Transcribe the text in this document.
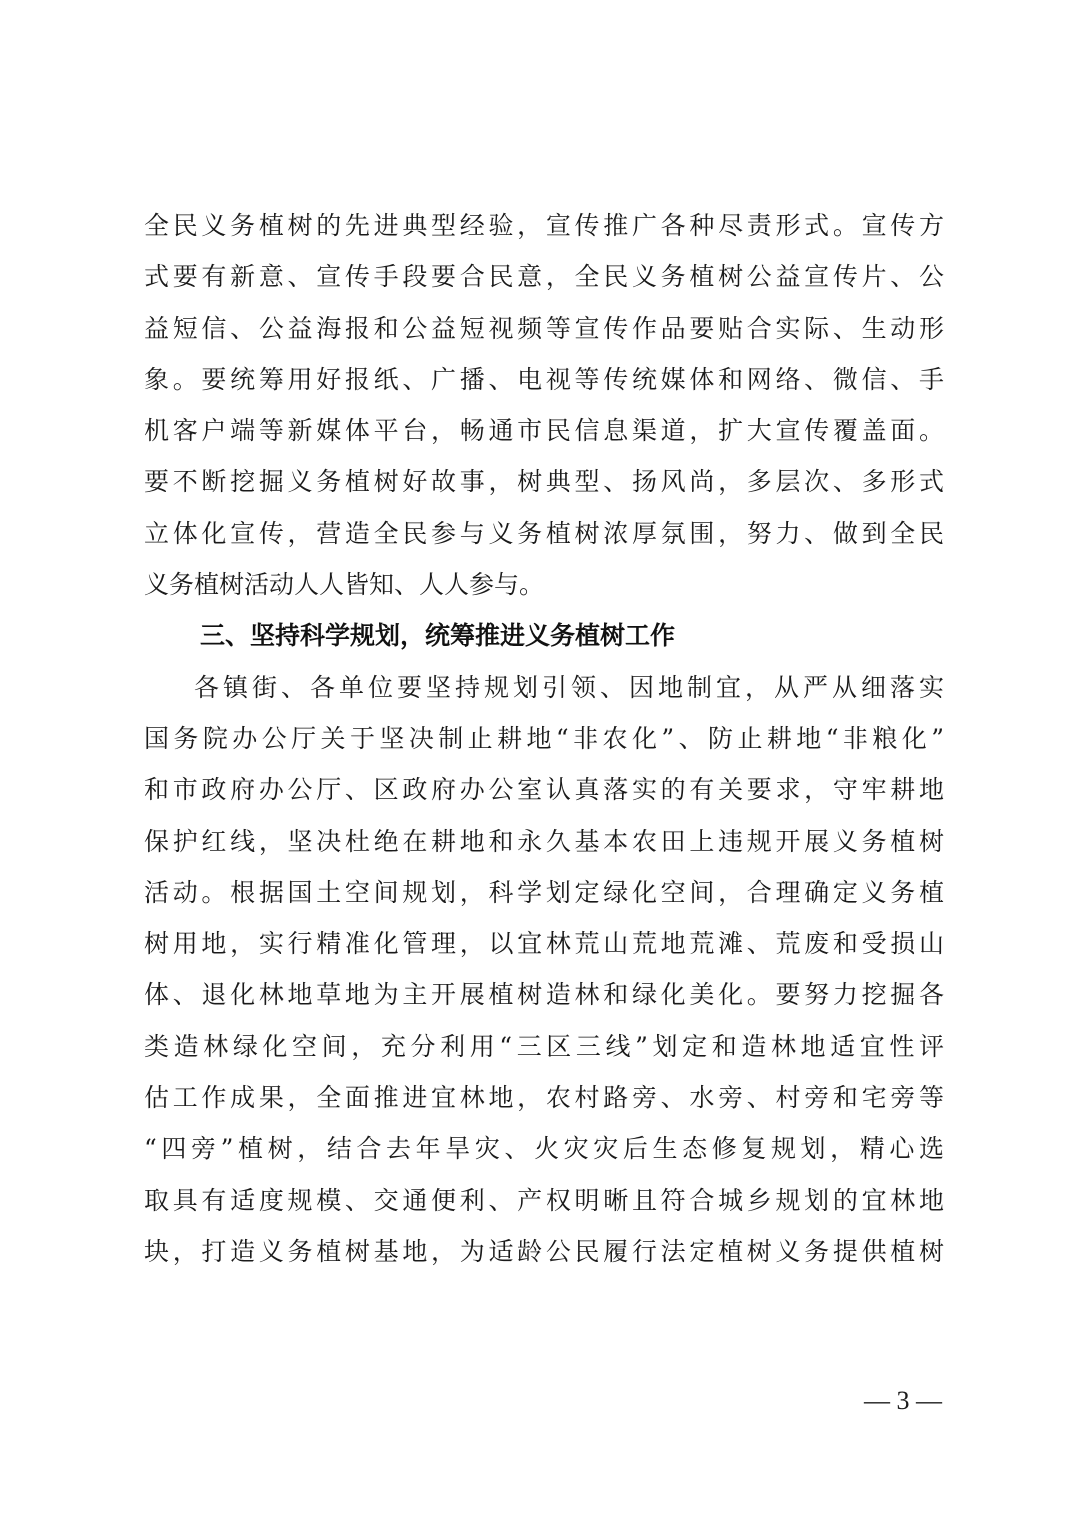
全民义务植树的先进典型经验，宣传推广各种尽责形式。宣传方
式要有新意、宣传手段要合民意，全民义务植树公益宣传片、公
益短信、公益海报和公益短视频等宣传作品要贴合实际、生动形
象。要统筹用好报纸、广播、电视等传统媒体和网络、微信、手
机客户端等新媒体平台，畅通市民信息渠道，扩大宣传覆盖面。
要不断挖掘义务植树好故事，树典型、扬风尚，多层次、多形式
立体化宣传，营造全民参与义务植树浓厚氛围，努力、做到全民
义务植树活动人人皆知、人人参与。
三、坚持科学规划，统筹推进义务植树工作
各镇街、各单位要坚持规划引领、因地制宜，从严从细落实
国务院办公厅关于坚决制止耕地“非农化”、防止耕地“非粮化”
和市政府办公厅、区政府办公室认真落实的有关要求，守牢耕地
保护红线，坚决杜绝在耕地和永久基本农田上违规开展义务植树
活动。根据国土空间规划，科学划定绿化空间，合理确定义务植
树用地，实行精准化管理，以宜林荒山荒地荒滩、荒废和受损山
体、退化林地草地为主开展植树造林和绿化美化。要努力挖掘各
类造林绿化空间，充分利用“三区三线”划定和造林地适宜性评
估工作成果，全面推进宜林地，农村路旁、水旁、村旁和宅旁等
“四旁”植树，结合去年旱灾、火灾灾后生态修复规划，精心选
取具有适度规模、交通便利、产权明晰且符合城乡规划的宜林地
块，打造义务植树基地，为适龄公民履行法定植树义务提供植树
— 3 —
